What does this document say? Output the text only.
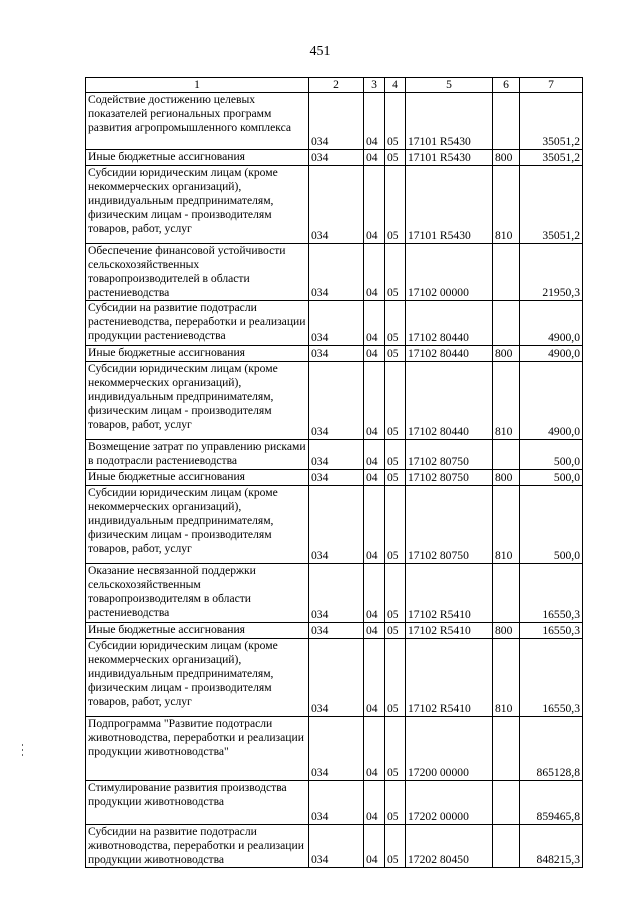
451
1	2	3	4	5	6	7
Содействие достижению целевых показателей региональных программ развития агропромышленного комплекса	034	04	05	17101 R5430		35051,2
Иные бюджетные ассигнования	034	04	05	17101 R5430	800	35051,2
Субсидии юридическим лицам (кроме некоммерческих организаций), индивидуальным предпринимателям, физическим лицам - производителям товаров, работ, услуг	034	04	05	17101 R5430	810	35051,2
Обеспечение финансовой устойчивости сельскохозяйственных товаропроизводителей в области растениеводства	034	04	05	17102 00000		21950,3
Субсидии на развитие подотрасли растениеводства, переработки и реализации продукции растениеводства	034	04	05	17102 80440		4900,0
Иные бюджетные ассигнования	034	04	05	17102 80440	800	4900,0
Субсидии юридическим лицам (кроме некоммерческих организаций), индивидуальным предпринимателям, физическим лицам - производителям товаров, работ, услуг	034	04	05	17102 80440	810	4900,0
Возмещение затрат по управлению рисками в подотрасли растениеводства	034	04	05	17102 80750		500,0
Иные бюджетные ассигнования	034	04	05	17102 80750	800	500,0
Субсидии юридическим лицам (кроме некоммерческих организаций), индивидуальным предпринимателям, физическим лицам - производителям товаров, работ, услуг	034	04	05	17102 80750	810	500,0
Оказание несвязанной поддержки сельскохозяйственным товаропроизводителям в области растениеводства	034	04	05	17102 R5410		16550,3
Иные бюджетные ассигнования	034	04	05	17102 R5410	800	16550,3
Субсидии юридическим лицам (кроме некоммерческих организаций), индивидуальным предпринимателям, физическим лицам - производителям товаров, работ, услуг	034	04	05	17102 R5410	810	16550,3
Подпрограмма "Развитие подотрасли животноводства, переработки и реализации продукции животноводства"	034	04	05	17200 00000		865128,8
Стимулирование развития производства продукции животноводства	034	04	05	17202 00000		859465,8
Субсидии на развитие подотрасли животноводства, переработки и реализации продукции животноводства	034	04	05	17202 80450		848215,3
